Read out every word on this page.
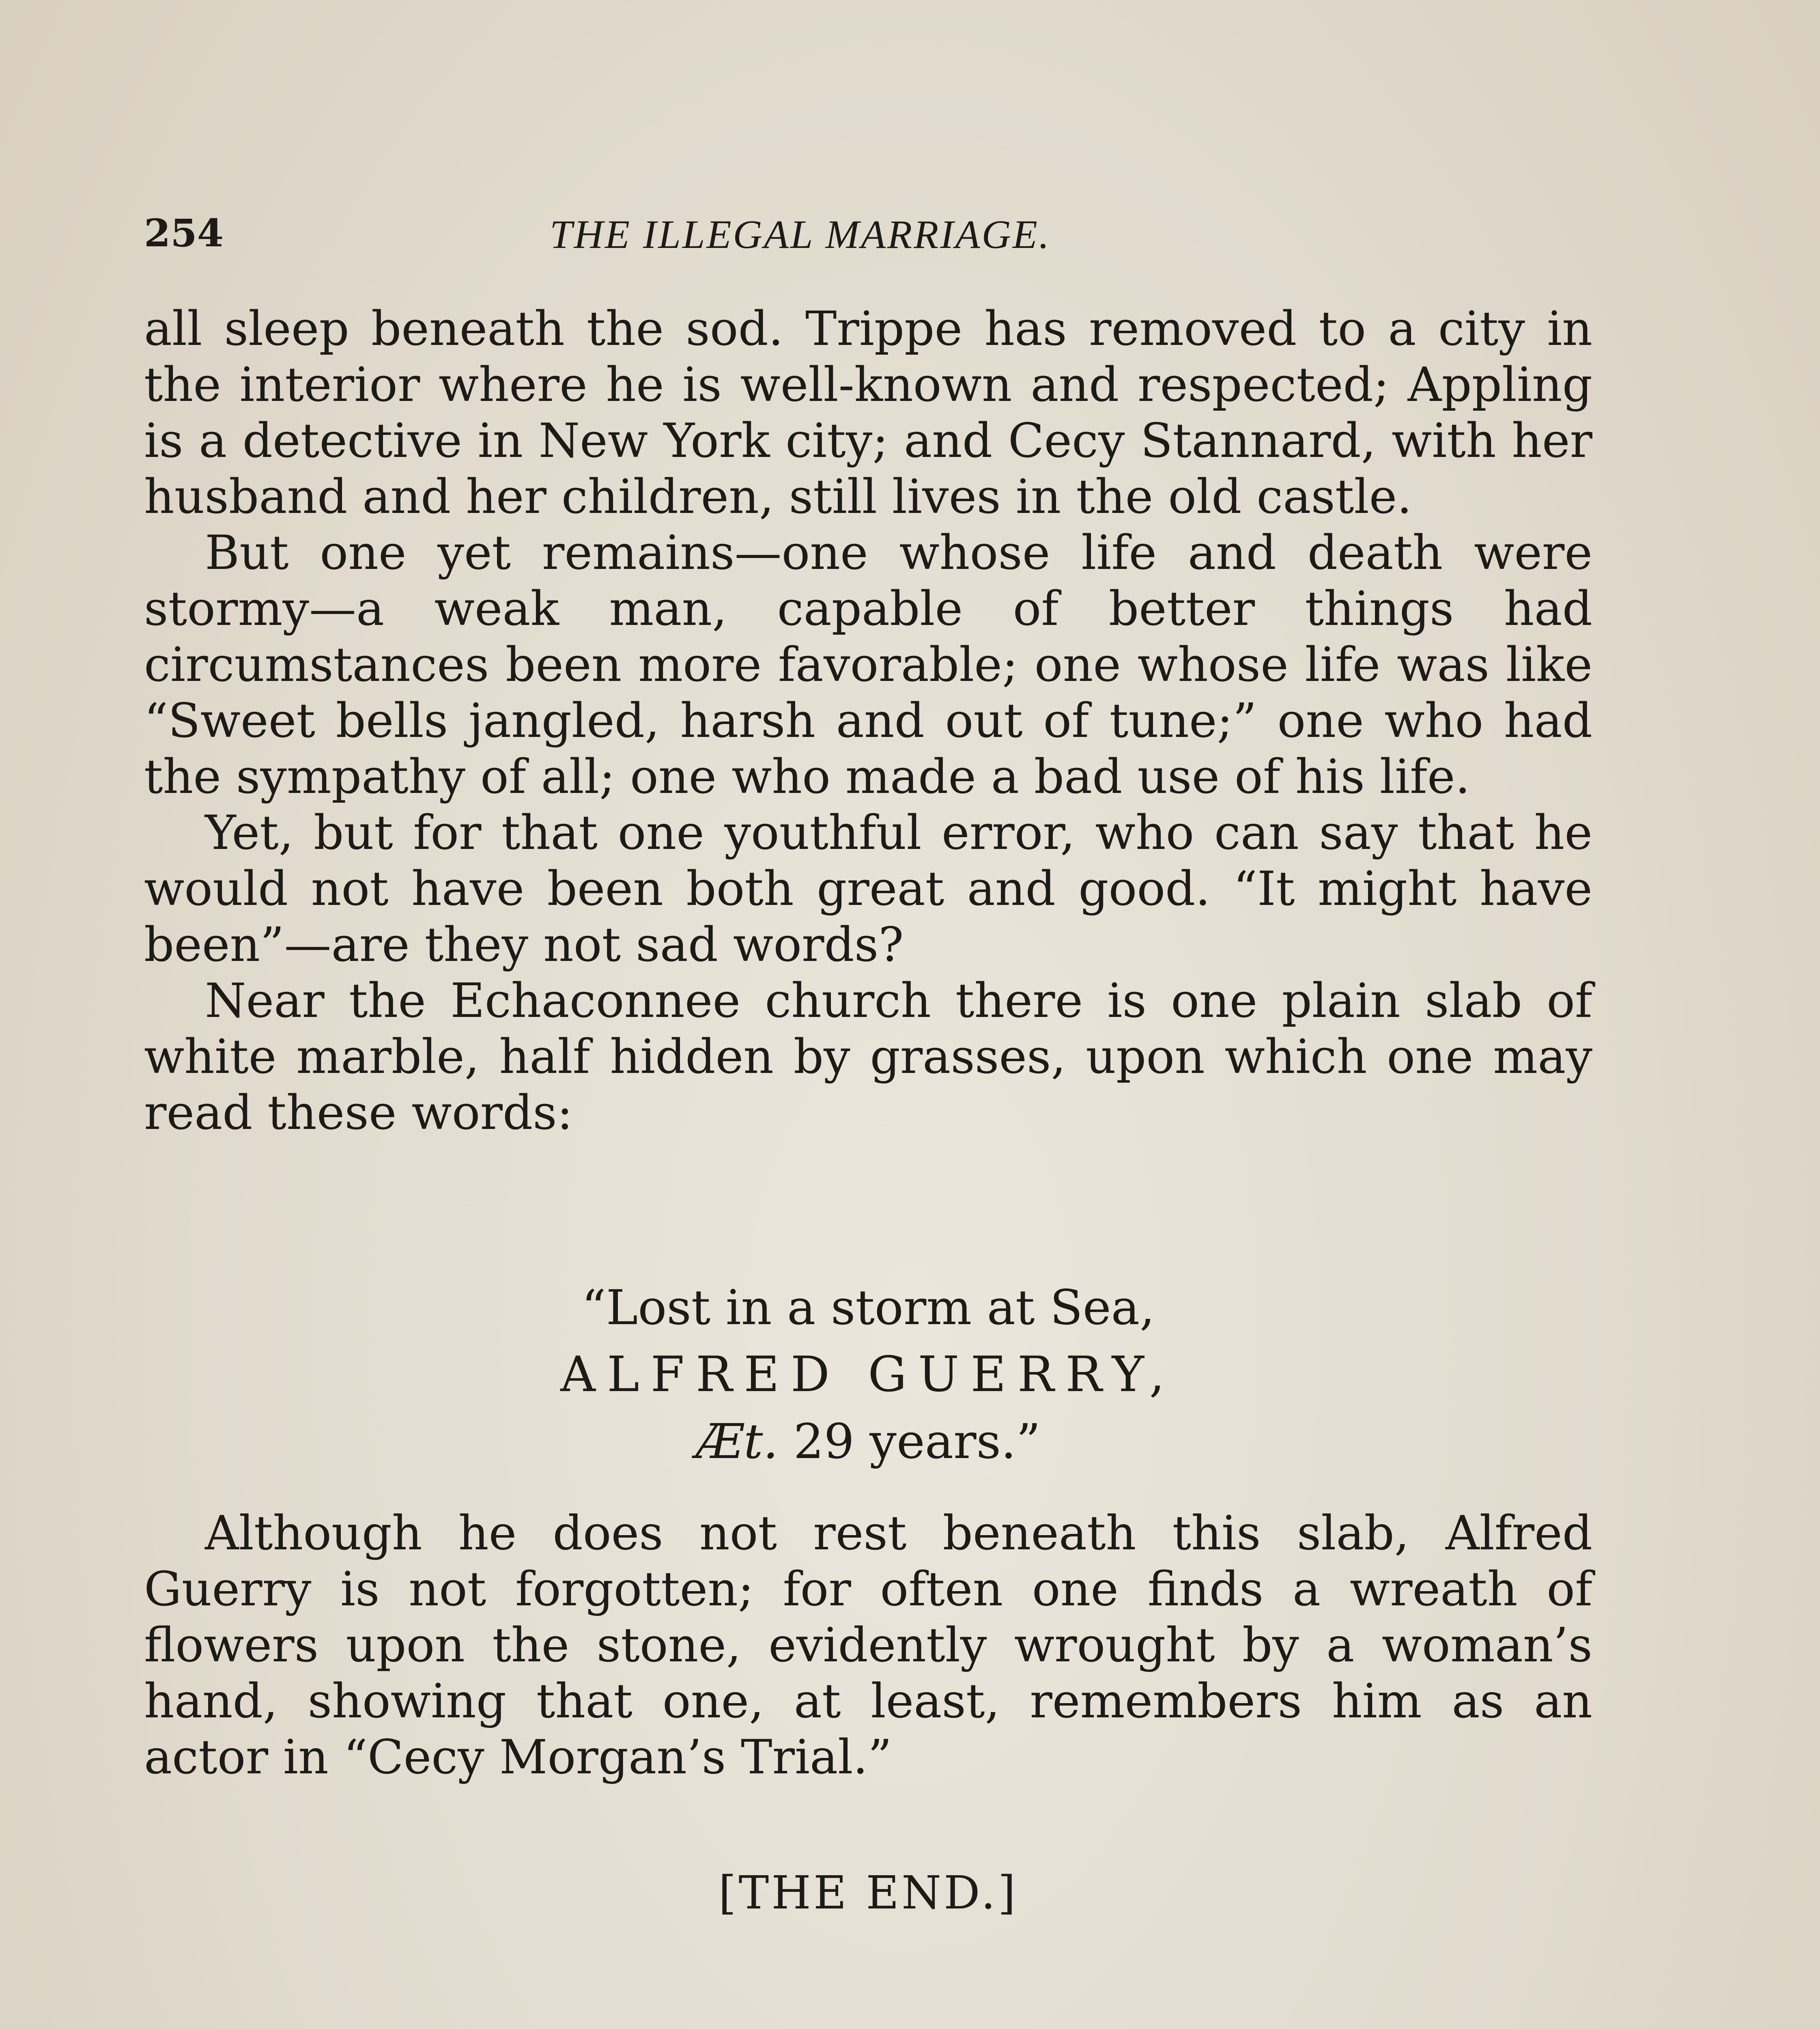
254	THE ILLEGAL MARRIAGE.

all sleep beneath the sod. Trippe has removed to a city in the interior where he is well-known and respected; Appling is a detective in New York city; and Cecy Stannard, with her husband and her children, still lives in the old castle.

But one yet remains—one whose life and death were stormy—a weak man, capable of better things had circumstances been more favorable; one whose life was like “Sweet bells jangled, harsh and out of tune;” one who had the sympathy of all; one who made a bad use of his life.

Yet, but for that one youthful error, who can say that he would not have been both great and good. “It might have been”—are they not sad words?

Near the Echaconnee church there is one plain slab of white marble, half hidden by grasses, upon which one may read these words:

“Lost in a storm at Sea,
ALFRED GUERRY,
Æt. 29 years.”

Although he does not rest beneath this slab, Alfred Guerry is not forgotten; for often one finds a wreath of flowers upon the stone, evidently wrought by a woman’s hand, showing that one, at least, remembers him as an actor in “Cecy Morgan’s Trial.”

[THE END.]
